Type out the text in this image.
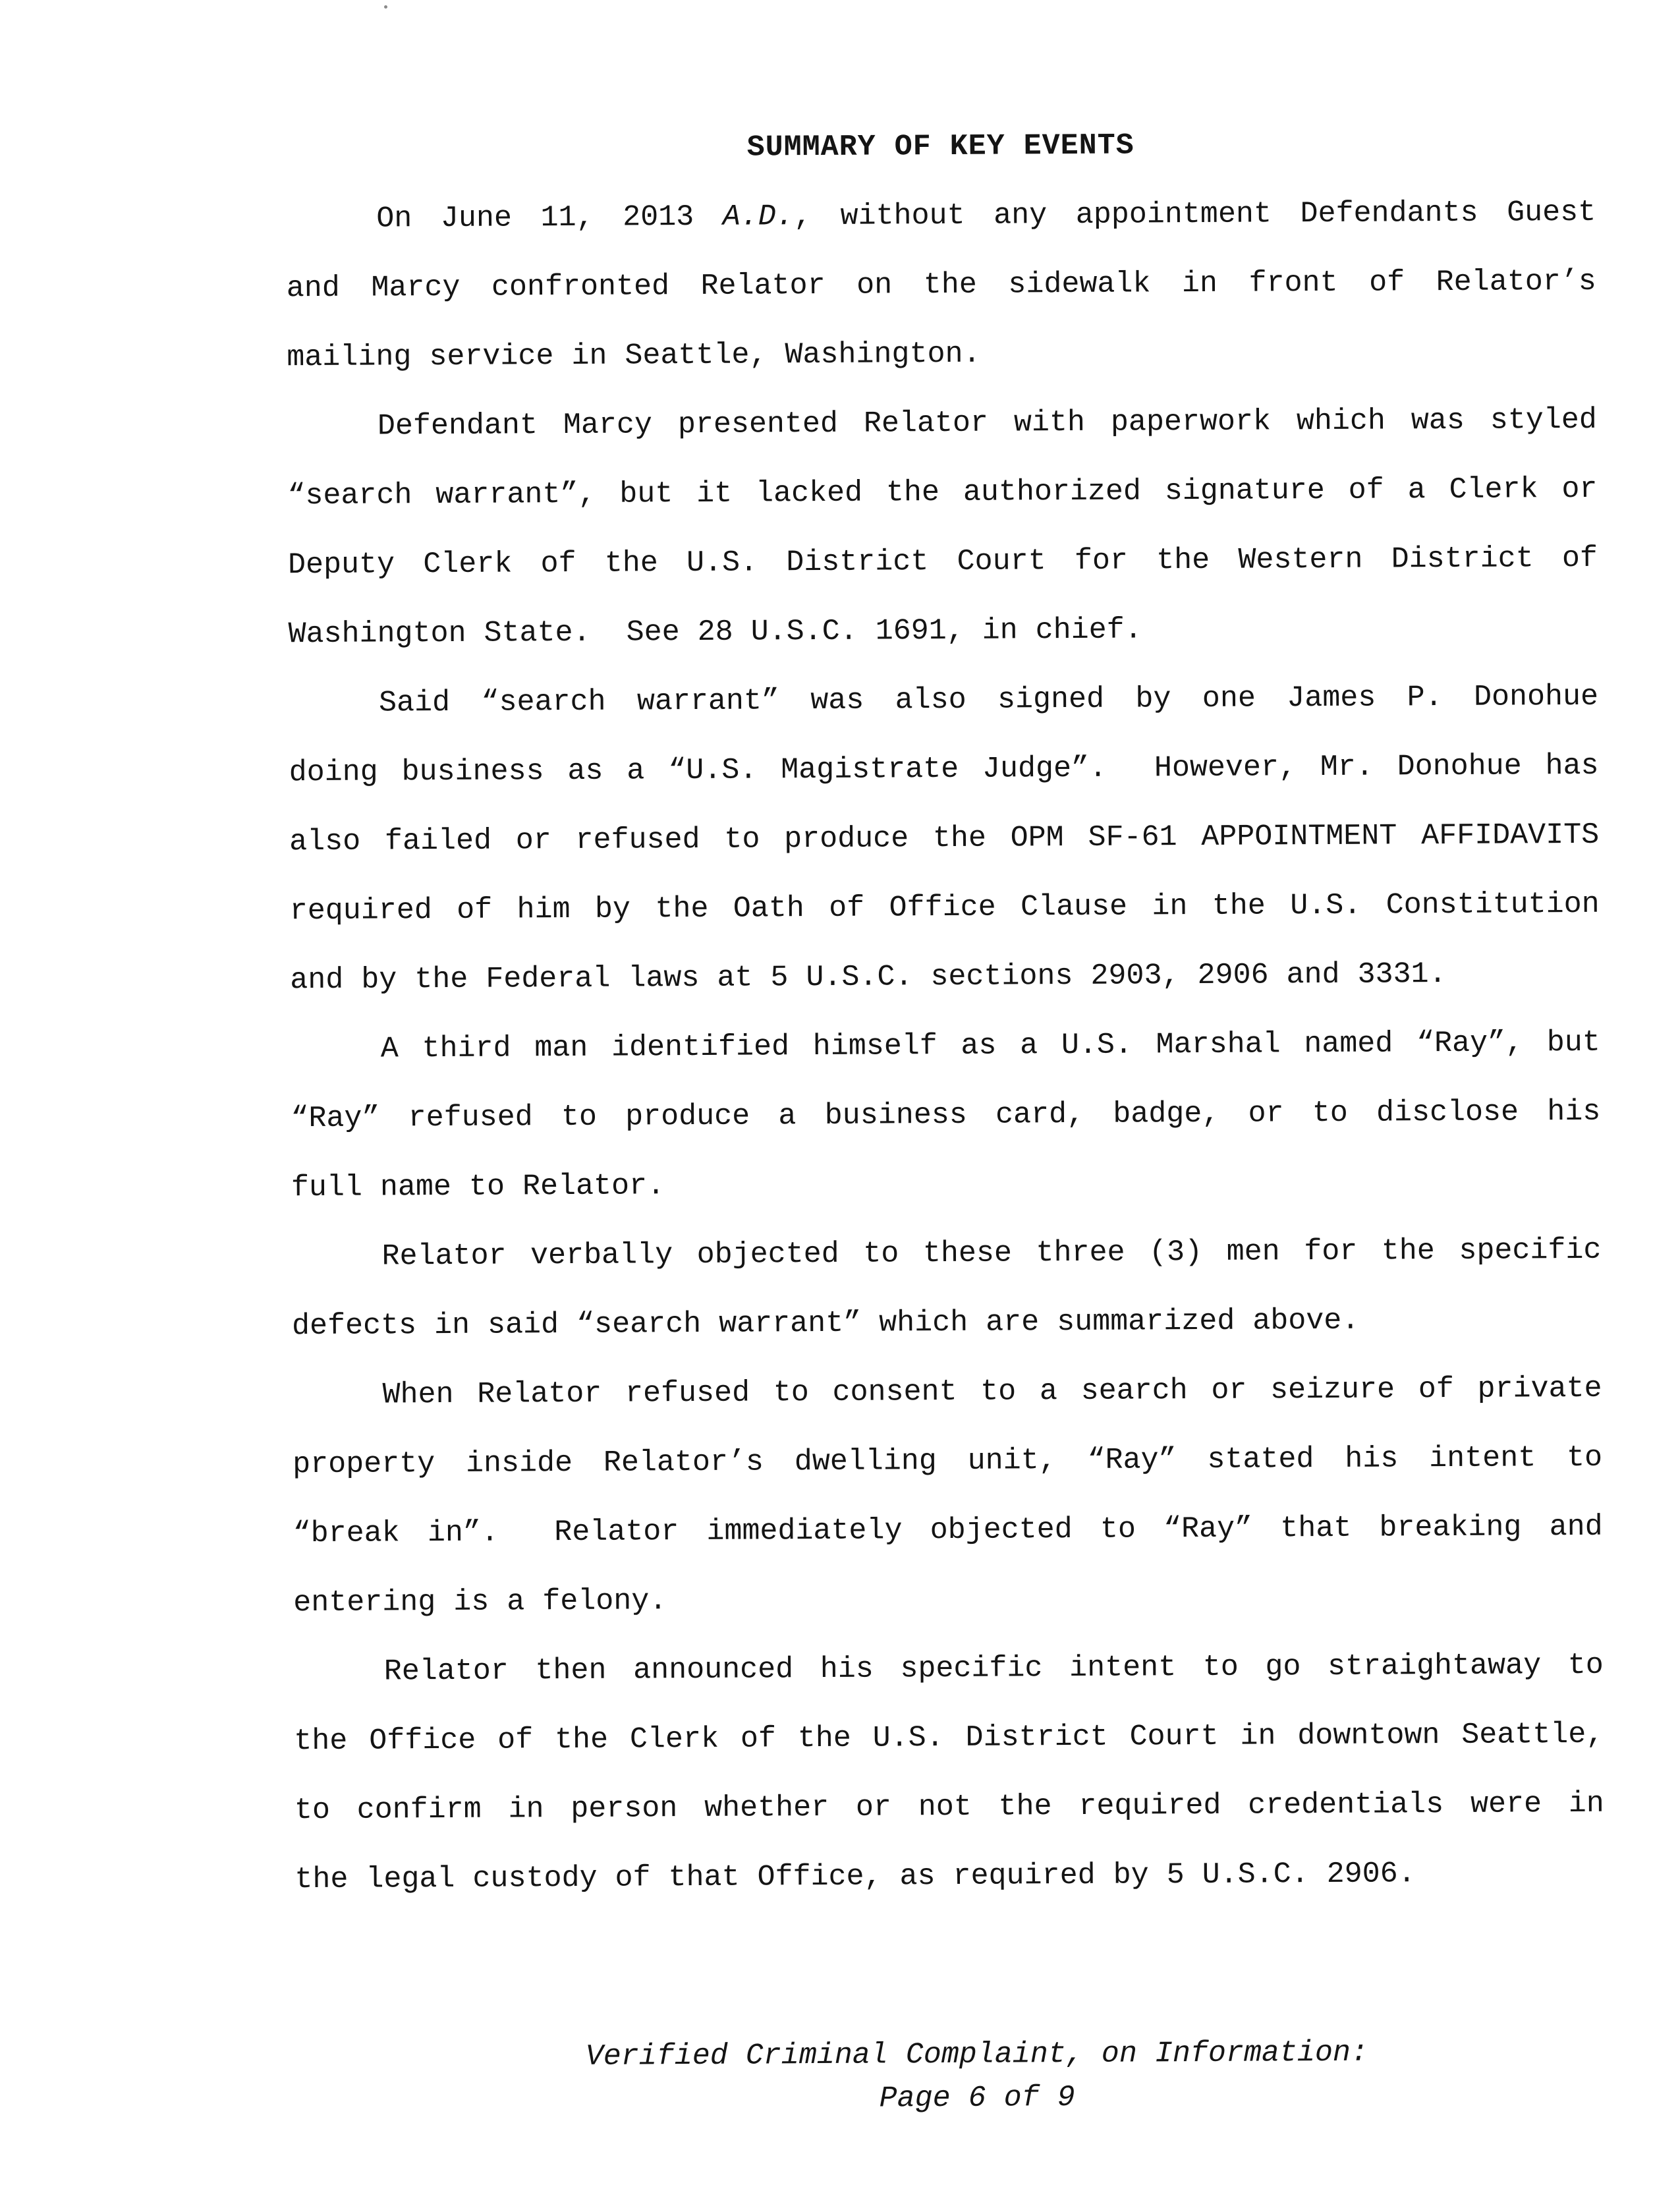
SUMMARY OF KEY EVENTS
On June 11, 2013 A.D., without any appointment Defendants Guest
and Marcy confronted Relator on the sidewalk in front of Relator’s
mailing service in Seattle, Washington.
Defendant Marcy presented Relator with paperwork which was styled
“search warrant”, but it lacked the authorized signature of a Clerk or
Deputy Clerk of the U.S. District Court for the Western District of
Washington State.  See 28 U.S.C. 1691, in chief.
Said “search warrant” was also signed by one James P. Donohue
doing business as a “U.S. Magistrate Judge”.  However, Mr. Donohue has
also failed or refused to produce the OPM SF-61 APPOINTMENT AFFIDAVITS
required of him by the Oath of Office Clause in the U.S. Constitution
and by the Federal laws at 5 U.S.C. sections 2903, 2906 and 3331.
A third man identified himself as a U.S. Marshal named “Ray”, but
“Ray” refused to produce a business card, badge, or to disclose his
full name to Relator.
Relator verbally objected to these three (3) men for the specific
defects in said “search warrant” which are summarized above.
When Relator refused to consent to a search or seizure of private
property inside Relator’s dwelling unit, “Ray” stated his intent to
“break in”.  Relator immediately objected to “Ray” that breaking and
entering is a felony.
Relator then announced his specific intent to go straightaway to
the Office of the Clerk of the U.S. District Court in downtown Seattle,
to confirm in person whether or not the required credentials were in
the legal custody of that Office, as required by 5 U.S.C. 2906.
Verified Criminal Complaint, on Information:
Page 6 of 9
